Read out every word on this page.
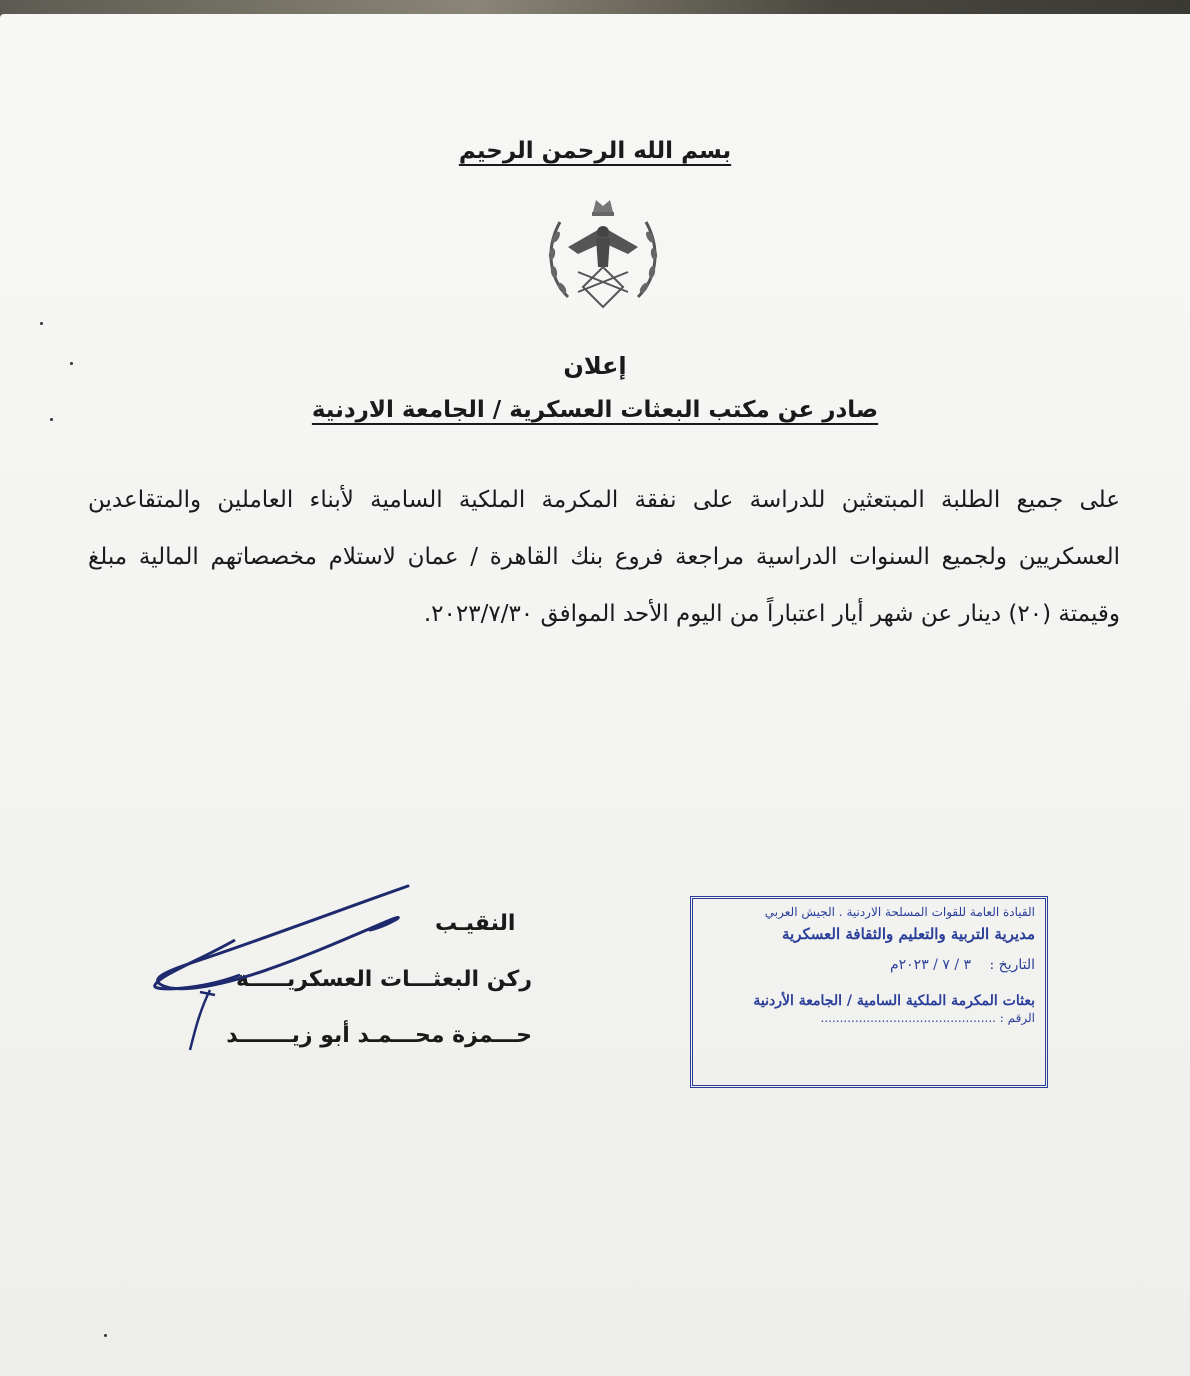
بسم الله الرحمن الرحيم
إعلان
صادر عن مكتب البعثات العسكرية / الجامعة الاردنية
على جميع الطلبة المبتعثين للدراسة على نفقة المكرمة الملكية السامية لأبناء العاملين والمتقاعدين العسكريين ولجميع السنوات الدراسية مراجعة فروع بنك القاهرة / عمان لاستلام مخصصاتهم المالية مبلغ وقيمتة (٢٠) دينار عن شهر أيار اعتباراً من اليوم الأحد الموافق ٢٠٢٣/٧/٣٠.
النقيـب
ركن البعثـــات العسكريـــــة
حـــمزة محـــمـد أبو زيـــــــد
القيادة العامة للقوات المسلحة الاردنية . الجيش العربي
مديرية التربية والتعليم والثقافة العسكرية
التاريخ : ٣ / ٧ / ٢٠٢٣م
بعثات المكرمة الملكية السامية / الجامعة الأردنية
الرقم : ..............................................
